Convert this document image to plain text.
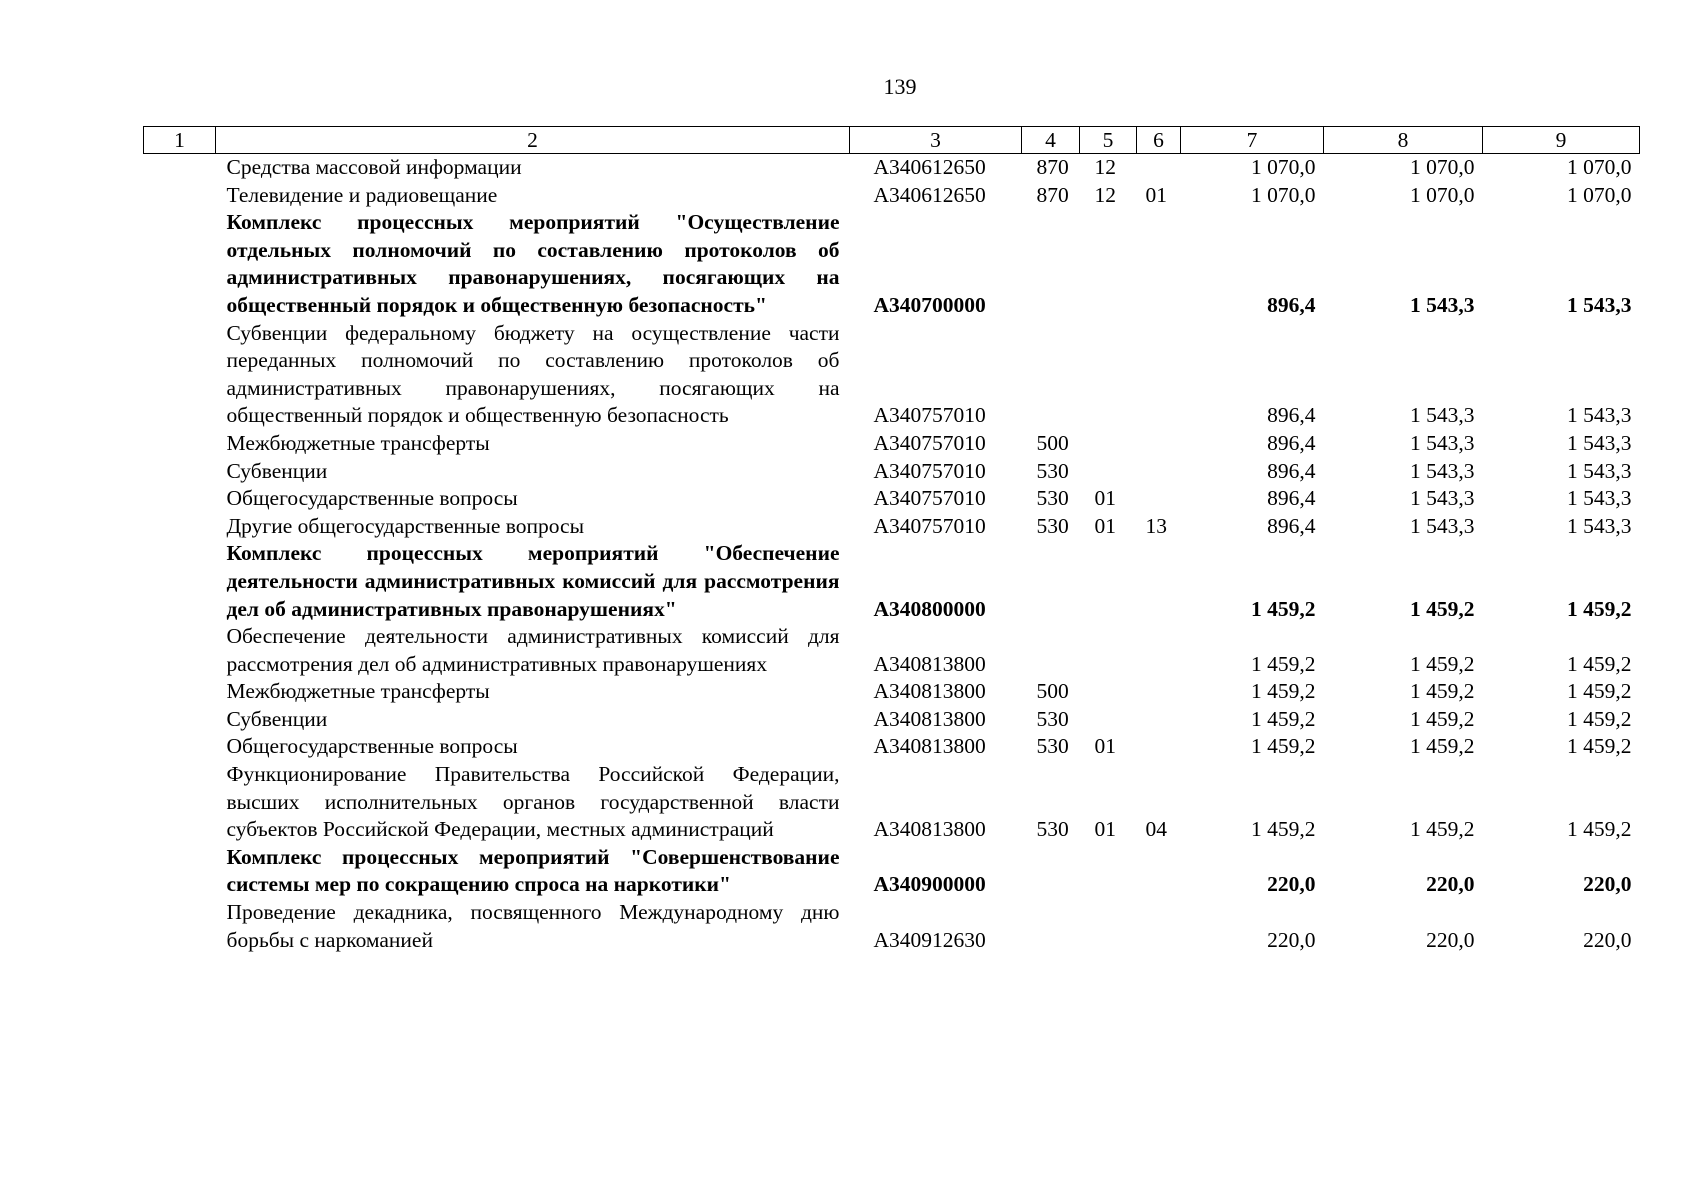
139
1	2	3	4	5	6	7	8	9
	Средства массовой информации	А340612650	870	12		1 070,0	1 070,0	1 070,0
	Телевидение и радиовещание	А340612650	870	12	01	1 070,0	1 070,0	1 070,0
	Комплекс процессных мероприятий "Осуществление отдельных полномочий по составлению протоколов об административных правонарушениях, посягающих на общественный порядок и общественную безопасность"	А340700000				896,4	1 543,3	1 543,3
	Субвенции федеральному бюджету на осуществление части переданных полномочий по составлению протоколов об административных правонарушениях, посягающих на общественный порядок и общественную безопасность	А340757010				896,4	1 543,3	1 543,3
	Межбюджетные трансферты	А340757010	500			896,4	1 543,3	1 543,3
	Субвенции	А340757010	530			896,4	1 543,3	1 543,3
	Общегосударственные вопросы	А340757010	530	01		896,4	1 543,3	1 543,3
	Другие общегосударственные вопросы	А340757010	530	01	13	896,4	1 543,3	1 543,3
	Комплекс процессных мероприятий "Обеспечение деятельности административных комиссий для рассмотрения дел об административных правонарушениях"	А340800000				1 459,2	1 459,2	1 459,2
	Обеспечение деятельности административных комиссий для рассмотрения дел об административных правонарушениях	А340813800				1 459,2	1 459,2	1 459,2
	Межбюджетные трансферты	А340813800	500			1 459,2	1 459,2	1 459,2
	Субвенции	А340813800	530			1 459,2	1 459,2	1 459,2
	Общегосударственные вопросы	А340813800	530	01		1 459,2	1 459,2	1 459,2
	Функционирование Правительства Российской Федерации, высших исполнительных органов государственной власти субъектов Российской Федерации, местных администраций	А340813800	530	01	04	1 459,2	1 459,2	1 459,2
	Комплекс процессных мероприятий "Совершенствование системы мер по сокращению спроса на наркотики"	А340900000				220,0	220,0	220,0
	Проведение декадника, посвященного Международному дню борьбы с наркоманией	А340912630				220,0	220,0	220,0
